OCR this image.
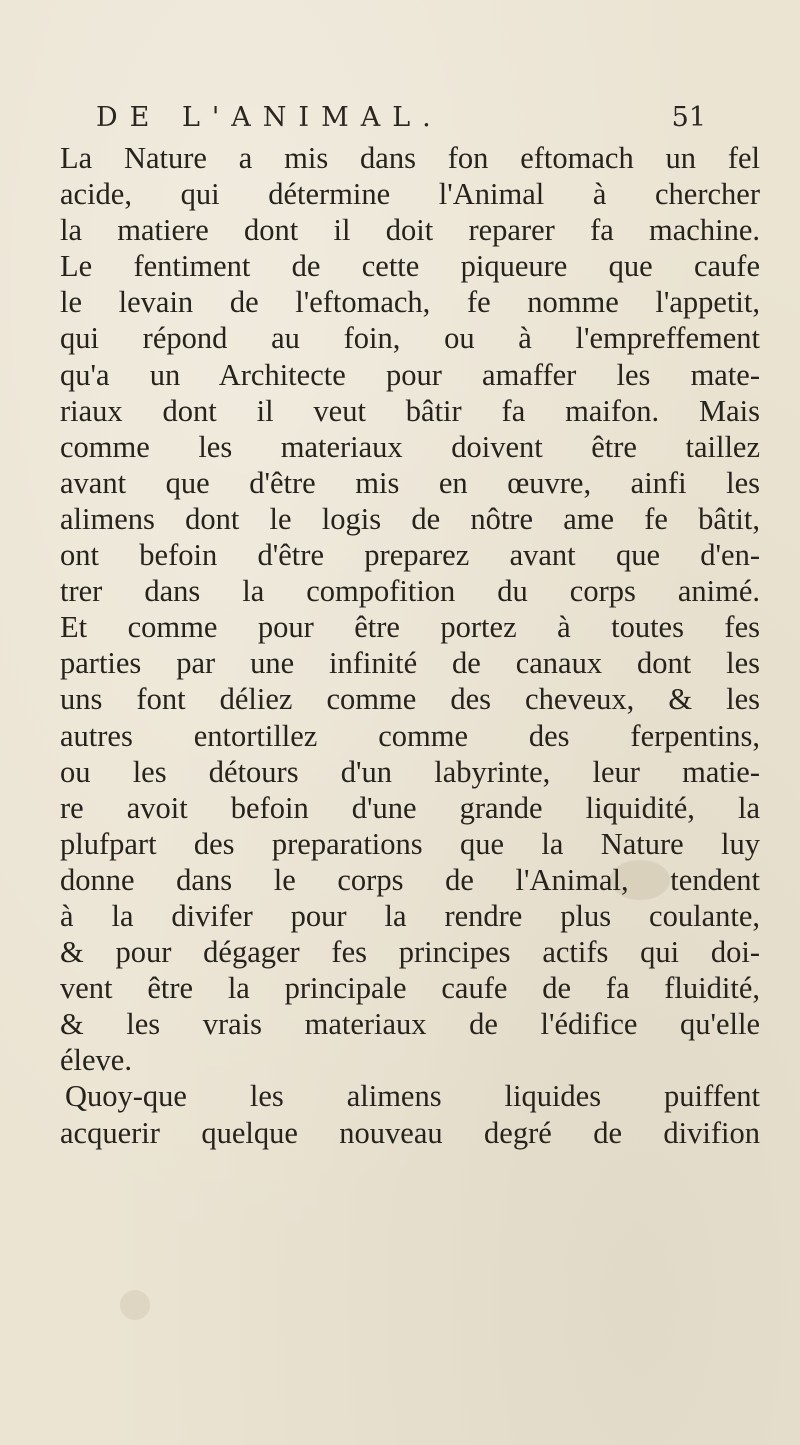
DE L'ANIMAL.	51
La Nature a mis dans fon eftomach un fel
acide, qui détermine l'Animal à chercher
la matiere dont il doit reparer fa machine.
Le fentiment de cette piqueure que caufe
le levain de l'eftomach, fe nomme l'appetit,
qui répond au foin, ou à l'empreffement
qu'a un Architecte pour amaffer les mate-
riaux dont il veut bâtir fa maifon. Mais
comme les materiaux doivent être taillez
avant que d'être mis en œuvre, ainfi les
alimens dont le logis de nôtre ame fe bâtit,
ont befoin d'être preparez avant que d'en-
trer dans la compofition du corps animé.
Et comme pour être portez à toutes fes
parties par une infinité de canaux dont les
uns font déliez comme des cheveux, & les
autres entortillez comme des ferpentins,
ou les détours d'un labyrinte, leur matie-
re avoit befoin d'une grande liquidité, la
plufpart des preparations que la Nature luy
donne dans le corps de l'Animal, tendent
à la divifer pour la rendre plus coulante,
& pour dégager fes principes actifs qui doi-
vent être la principale caufe de fa fluidité,
& les vrais materiaux de l'édifice qu'elle
éleve.
Quoy-que les alimens liquides puiffent
acquerir quelque nouveau degré de divifion
